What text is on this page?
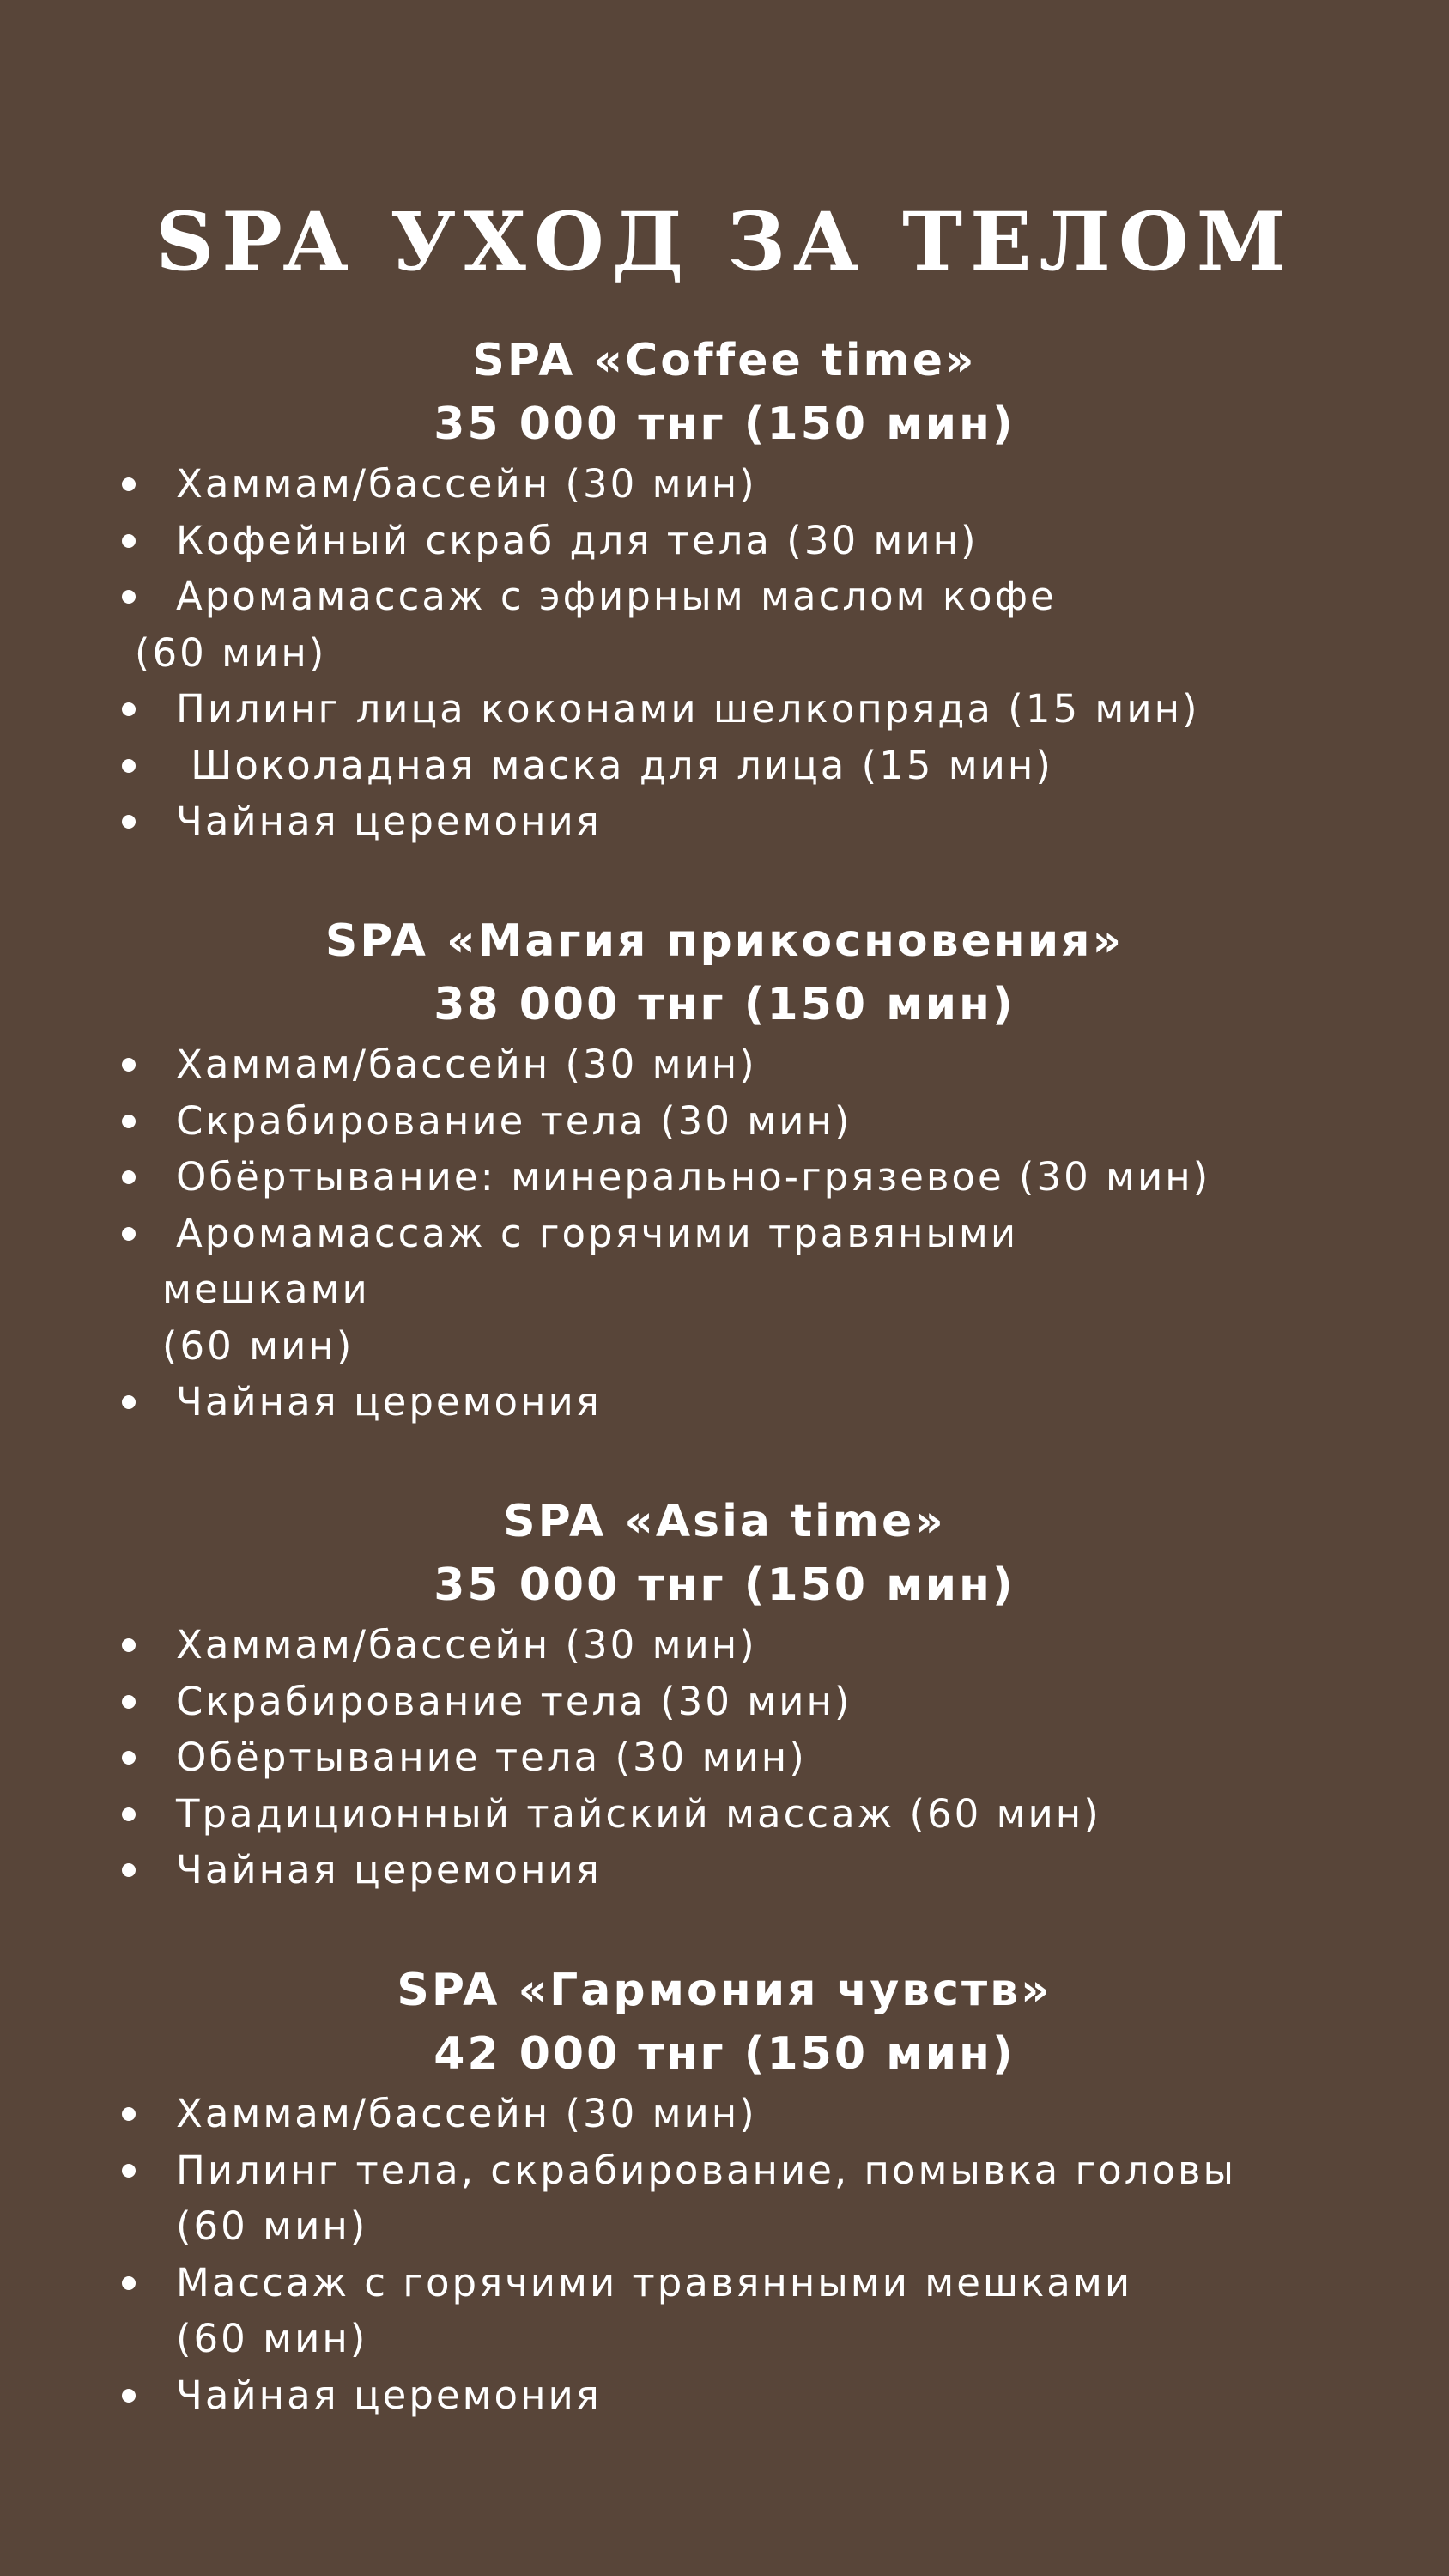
SPA УХОД ЗА ТЕЛОМ
SPA «Coffee time»
35 000 тнг (150 мин)
Хаммам/бассейн (30 мин)
Кофейный скраб для тела (30 мин)
Аромамассаж с эфирным маслом кофе
(60 мин)
Пилинг лица коконами шелкопряда (15 мин)
Шоколадная маска для лица (15 мин)
Чайная церемония
SPA «Магия прикосновения»
38 000 тнг (150 мин)
Хаммам/бассейн (30 мин)
Скрабирование тела (30 мин)
Обёртывание: минерально-грязевое (30 мин)
Аромамассаж с горячими травяными
мешками
(60 мин)
Чайная церемония
SPA «Asia time»
35 000 тнг (150 мин)
Хаммам/бассейн (30 мин)
Скрабирование тела (30 мин)
Обёртывание тела (30 мин)
Традиционный тайский массаж (60 мин)
Чайная церемония
SPA «Гармония чувств»
42 000 тнг (150 мин)
Хаммам/бассейн (30 мин)
Пилинг тела, скрабирование, помывка головы
(60 мин)
Массаж с горячими травянными мешками
(60 мин)
Чайная церемония
